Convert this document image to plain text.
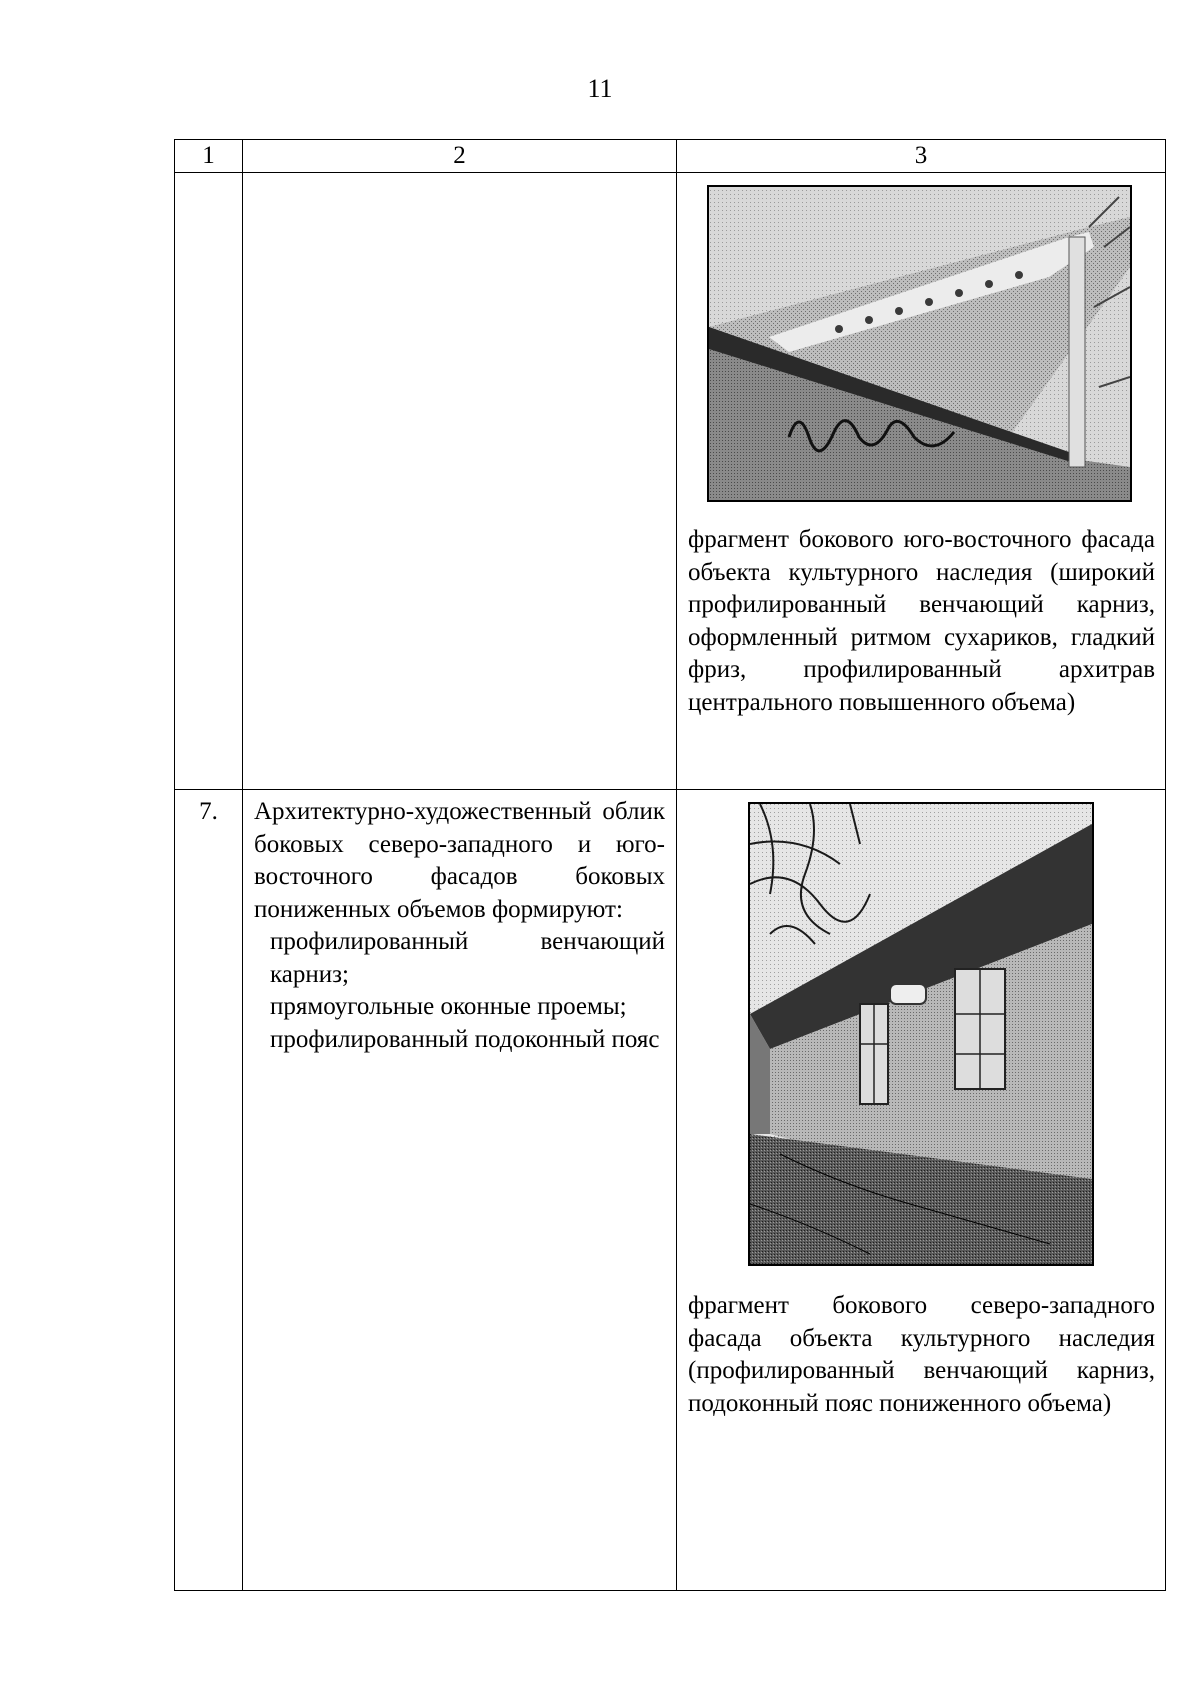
11
1	2	3

		фрагмент бокового юго-восточного фасада объекта культурного наследия (широкий профилированный венчающий карниз, оформленный ритмом сухариков, гладкий фриз, профилированный архитрав центрального повышенного объема)

7.	Архитектурно-художественный облик боковых северо-западного и юго-восточного фасадов боковых пониженных объемов формируют:

профилированный венчающий карниз;

прямоугольные оконные проемы;

профилированный подоконный пояс	фрагмент бокового северо-западного фасада объекта культурного наследия (профилированный венчающий карниз, подоконный пояс пониженного объема)
